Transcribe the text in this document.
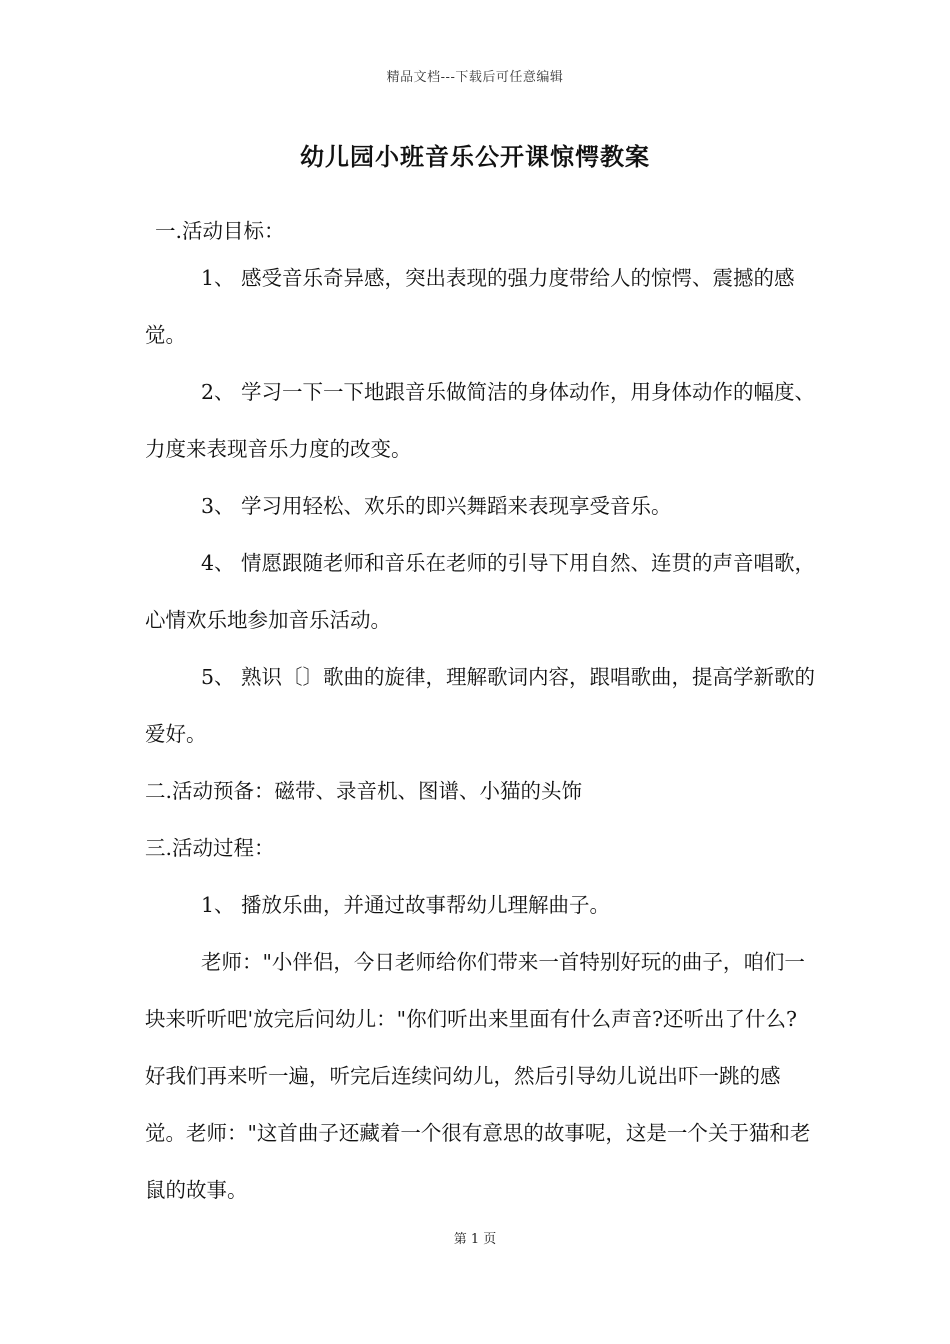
精品文档---下载后可任意编辑
幼儿园小班音乐公开课惊愕教案

一.活动目标：

1、 感受音乐奇异感，突出表现的强力度带给人的惊愕、震撼的感觉。

2、 学习一下一下地跟音乐做简洁的身体动作，用身体动作的幅度、力度来表现音乐力度的改变。

3、 学习用轻松、欢乐的即兴舞蹈来表现享受音乐。

4、 情愿跟随老师和音乐在老师的引导下用自然、连贯的声音唱歌，心情欢乐地参加音乐活动。

5、 熟识〔〕歌曲的旋律，理解歌词内容，跟唱歌曲，提高学新歌的爱好。

二.活动预备：磁带、录音机、图谱、小猫的头饰

三.活动过程：

1、 播放乐曲，并通过故事帮幼儿理解曲子。

老师："小伴侣，今日老师给你们带来一首特别好玩的曲子，咱们一块来听听吧'放完后问幼儿："你们听出来里面有什么声音?还听出了什么?好我们再来听一遍，听完后连续问幼儿，然后引导幼儿说出吓一跳的感觉。老师："这首曲子还藏着一个很有意思的故事呢，这是一个关于猫和老鼠的故事。

第 1 页
